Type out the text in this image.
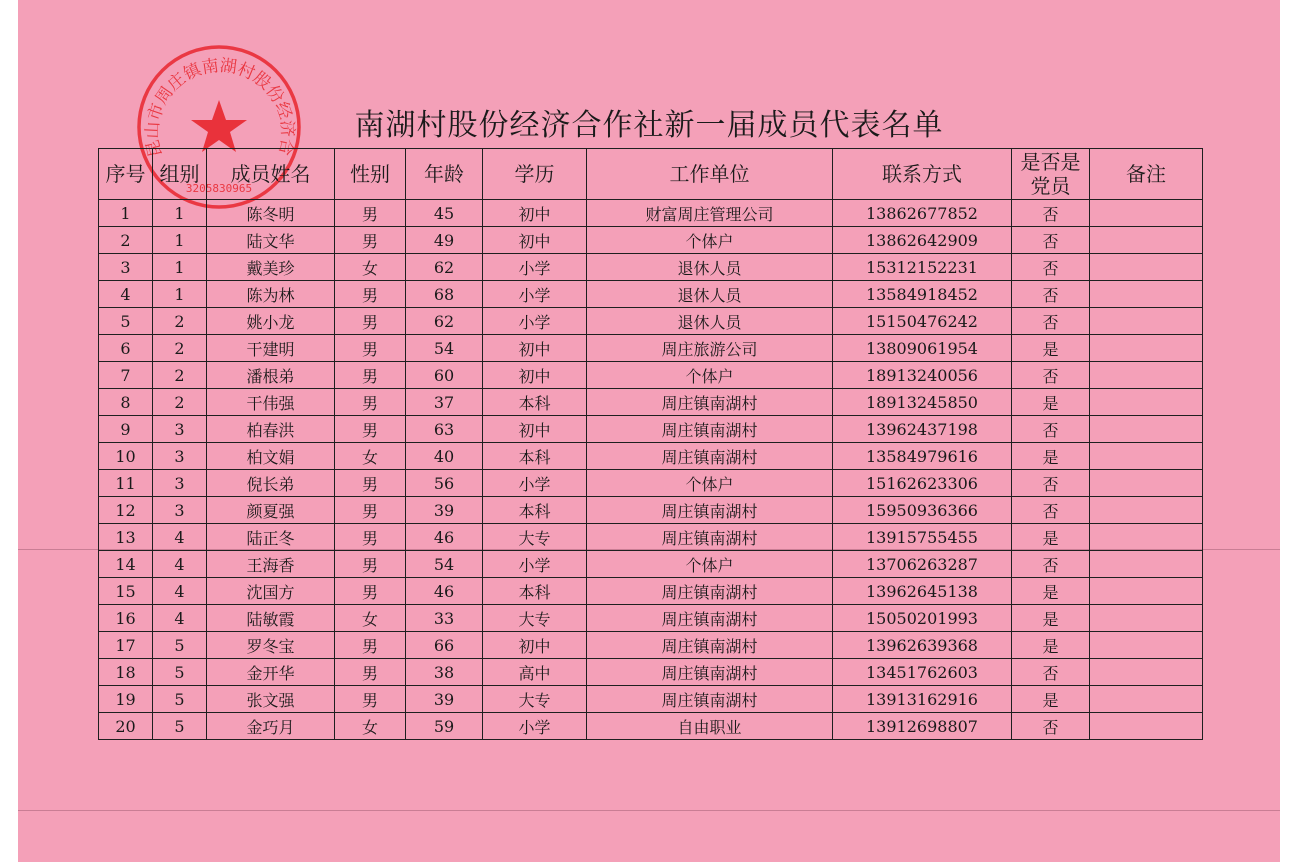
昆山市周庄镇南湖村股份经济合
3205830965
南湖村股份经济合作社新一届成员代表名单
序号	组别	成员姓名	性别	年龄	学历	工作单位	联系方式	是否是
党员	备注
1	1	陈冬明	男	45	初中	财富周庄管理公司	13862677852	否	
2	1	陆文华	男	49	初中	个体户	13862642909	否	
3	1	戴美珍	女	62	小学	退休人员	15312152231	否	
4	1	陈为林	男	68	小学	退休人员	13584918452	否	
5	2	姚小龙	男	62	小学	退休人员	15150476242	否	
6	2	干建明	男	54	初中	周庄旅游公司	13809061954	是	
7	2	潘根弟	男	60	初中	个体户	18913240056	否	
8	2	干伟强	男	37	本科	周庄镇南湖村	18913245850	是	
9	3	柏春洪	男	63	初中	周庄镇南湖村	13962437198	否	
10	3	柏文娟	女	40	本科	周庄镇南湖村	13584979616	是	
11	3	倪长弟	男	56	小学	个体户	15162623306	否	
12	3	颜夏强	男	39	本科	周庄镇南湖村	15950936366	否	
13	4	陆正冬	男	46	大专	周庄镇南湖村	13915755455	是	
14	4	王海香	男	54	小学	个体户	13706263287	否	
15	4	沈国方	男	46	本科	周庄镇南湖村	13962645138	是	
16	4	陆敏霞	女	33	大专	周庄镇南湖村	15050201993	是	
17	5	罗冬宝	男	66	初中	周庄镇南湖村	13962639368	是	
18	5	金开华	男	38	高中	周庄镇南湖村	13451762603	否	
19	5	张文强	男	39	大专	周庄镇南湖村	13913162916	是	
20	5	金巧月	女	59	小学	自由职业	13912698807	否	
